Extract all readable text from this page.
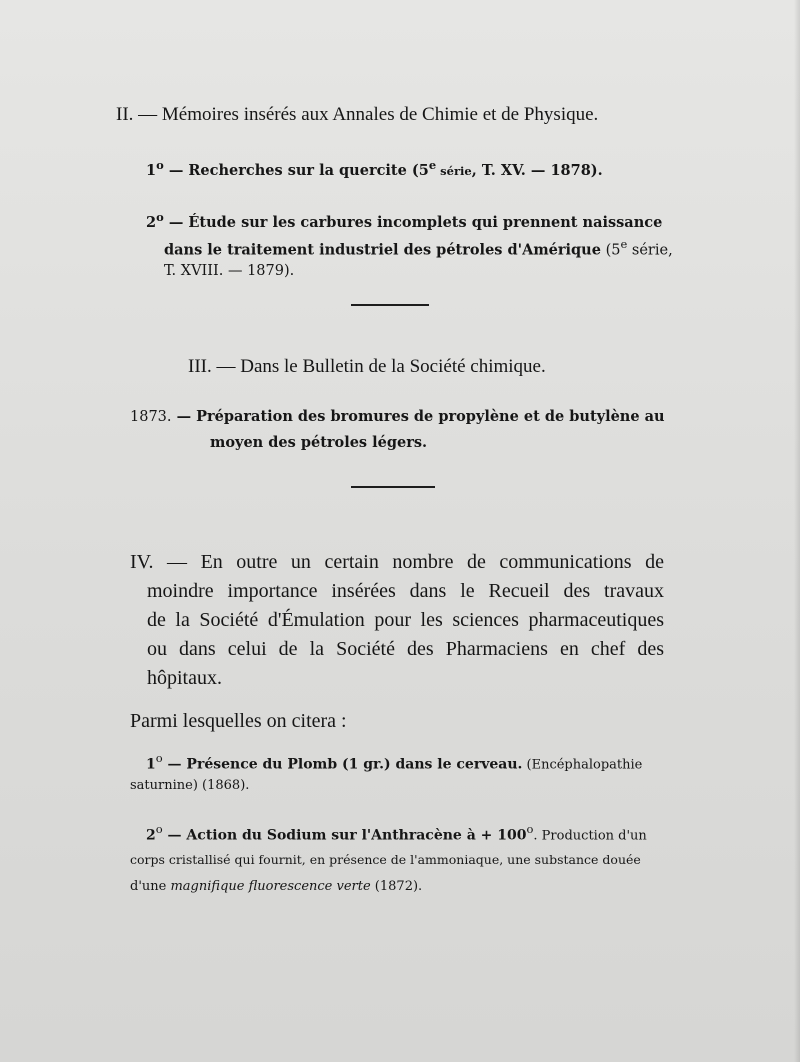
II. — Mémoires insérés aux Annales de Chimie et de Physique.
1$^o$ — Recherches sur la quercite (5e série, T. XV. — 1878).
2$^o$ — Étude sur les carbures incomplets qui prennent naissance
dans le traitement industriel des pétroles d'Amérique (5e série,
T. XVIII. — 1879).
III. — Dans le Bulletin de la Société chimique.
1873. — Préparation des bromures de propylène et de butylène au
moyen des pétroles légers.
IV. — En outre un certain nombre de communications de
moindre importance insérées dans le Recueil des travaux
de la Société d'Émulation pour les sciences pharmaceutiques
ou dans celui de la Société des Pharmaciens en chef des
hôpitaux.
Parmi lesquelles on citera :
1$^o$ — Présence du Plomb (1 gr.) dans le cerveau. (Encéphalopathie
saturnine) (1868).
2$^o$ — Action du Sodium sur l'Anthracène à + $100^o$. Production d'un
corps cristallisé qui fournit, en présence de l'ammoniaque, une substance douée
d'une magnifique fluorescence verte (1872).
